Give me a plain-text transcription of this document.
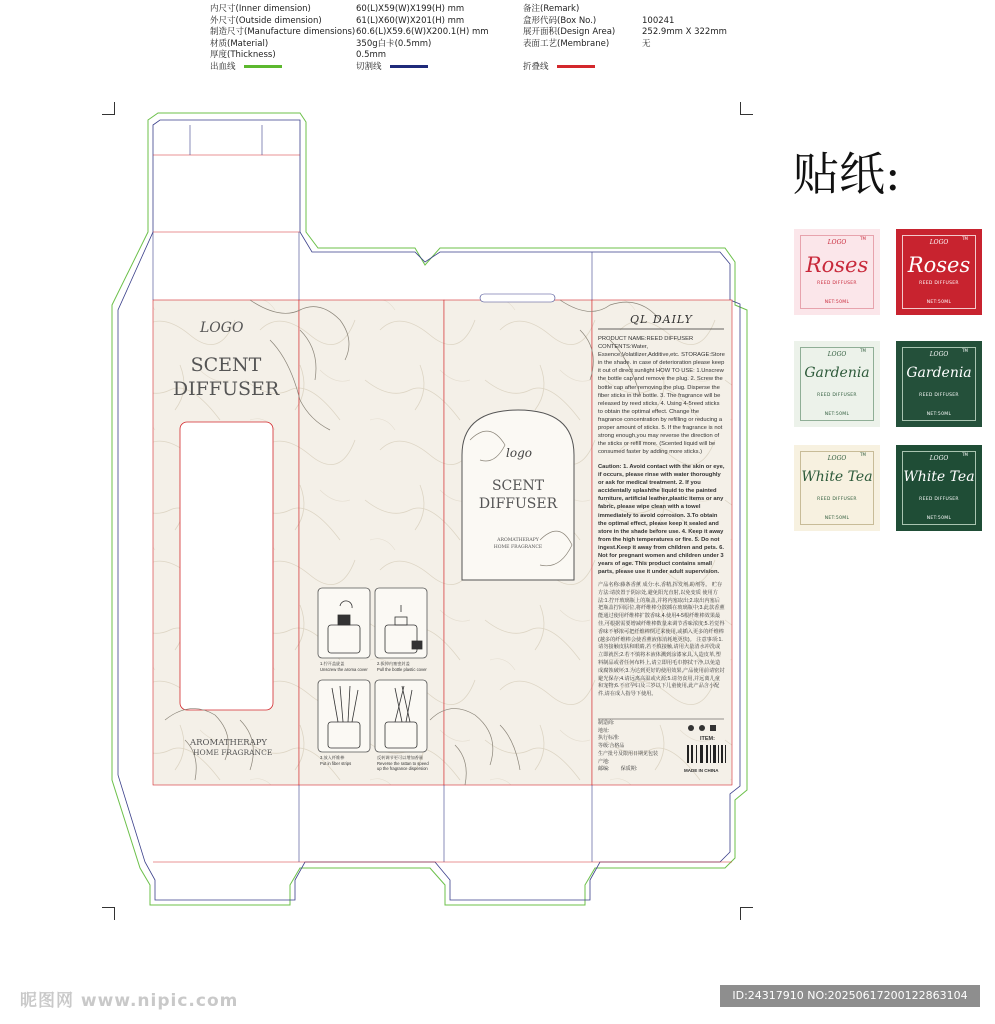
内尺寸(Inner dimension)
外尺寸(Outside dimension)
制造尺寸(Manufacture dimensions)
材质(Material)
厚度(Thickness)
出血线
60(L)X59(W)X199(H) mm
61(L)X60(W)X201(H) mm
60.6(L)X59.6(W)X200.1(H) mm
350g白卡(0.5mm)
0.5mm
切割线
备注(Remark)
盒形代码(Box No.)
展开面积(Design Area)
表面工艺(Membrane)
折叠线
100241
252.9mm X 322mm
无
LOGO
SCENT
DIFFUSER
AROMATHERAPY
HOME FRAGRANCE
logo
SCENT
DIFFUSER
AROMATHERAPY
HOME FRAGRANCE
1.拧开盖旋盖
Unscrew the aroma cover
2.拔掉内塞密封盖
Pull the bottle plastic cover
3.放入纤维棒
Put in fiber strips
反转调节更可以增加香量
Reverse the rattan to speed up the fragrance dispersion
QL DAILY
PRODUCT NAME:REED DIFFUSER CONTENTS:Water, Essence,Volatilizer,Additive,etc. STORAGE:Store in the shade. in case of deterioration please keep it out of direct sunlight HOW TO USE: 1.Unscrew the bottle cap and remove the plug. 2. Screw the bottle cap after removing the plug. Disperse the fiber sticks in the bottle. 3. The fragrance will be released by reed sticks. 4. Using 4-5reed sticks to obtain the optimal effect. Change the fragrance concentration by refilling or reducing a proper amount of sticks. 5. If the fragrance is not strong enough,you may reverse the direction of the sticks or refill more. (Scented liquid will be consumed faster by adding more sticks.)
Caution: 1. Avoid contact with the skin or eye, if occurs, please rinse with water thoroughly or ask for medical treatment. 2. If you accidentally splashthe liquid to the painted furniture, artificial leather,plastic items or any fabric, please wipe clean with a towel immediately to avoid corrosion. 3.To obtain the optimal effect, please keep it sealed and store in the shade before use. 4. Keep it away from the high temperatures or fire. 5. Do not ingest.Keep it away from children and pets. 6. Not for pregnant women and children under 3 years of age. This product contains small parts, please use it under adult supervision.
产品名称:藤条香薰 成分:水,香精,挥发剂,助剂等。 贮存方法:请放置于阴凉处,避免阳光直射,以免变质 使用方法:1.拧开玻璃瓶上的瓶盖,并将内塞取出;2.取出内塞后把瓶盖拧回原位,将纤维棒分散插在玻璃瓶中;3.此款香薰能通过使用纤维棒扩散香味,4.使用4-5根纤维棒效果最佳,可根据需要增减纤维棒数量来调节香味浓度;5.若觉得香味不够浓可把纤维棒倒过来使用,或插入更多的纤维棒(越多的纤维棒会使香薰液体消耗地更快)。 注意事项:1.请勿接触皮肤和眼睛,若不慎接触,请用大量清水冲洗或立即就医;2.若不慎将本液体溅到涂漆家具,人造皮革,塑料制品或者任何布料上,请立即用毛巾擦拭干净,以免造成腐蚀破坏;3.为达到更好的使用效果,产品使用前请密封避光保存;4.请远离高温或火源;5.请勿食用,并远离儿童和宠物;6.不宜孕妇及三岁以下儿童使用,此产品含小配件,请在成人指导下使用。
制造商:
地址:
执行标准:
等级:合格品
生产批号及限用日期见包装
产地:
邮编: 保质期:
ITEM:
MADE IN CHINA
贴纸:
LOGO
TM
Roses
REED DIFFUSER
NET:50ML
LOGO
TM
Roses
REED DIFFUSER
NET:50ML
LOGO
TM
Gardenia
REED DIFFUSER
NET:50ML
LOGO
TM
Gardenia
REED DIFFUSER
NET:50ML
LOGO
TM
White Tea
REED DIFFUSER
NET:50ML
LOGO
TM
White Tea
REED DIFFUSER
NET:50ML
昵图网 www.nipic.com	ID:24317910 NO:20250617200122863104
